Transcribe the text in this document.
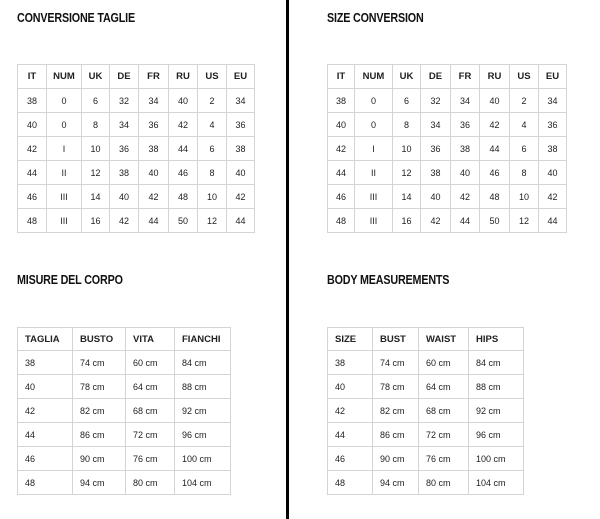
CONVERSIONE TAGLIE
IT	NUM	UK	DE	FR	RU	US	EU
38	0	6	32	34	40	2	34
40	0	8	34	36	42	4	36
42	I	10	36	38	44	6	38
44	II	12	38	40	46	8	40
46	III	14	40	42	48	10	42
48	III	16	42	44	50	12	44
SIZE CONVERSION
IT	NUM	UK	DE	FR	RU	US	EU
38	0	6	32	34	40	2	34
40	0	8	34	36	42	4	36
42	I	10	36	38	44	6	38
44	II	12	38	40	46	8	40
46	III	14	40	42	48	10	42
48	III	16	42	44	50	12	44
MISURE DEL CORPO
TAGLIA	BUSTO	VITA	FIANCHI
38	74 cm	60 cm	84 cm
40	78 cm	64 cm	88 cm
42	82 cm	68 cm	92 cm
44	86 cm	72 cm	96 cm
46	90 cm	76 cm	100 cm
48	94 cm	80 cm	104 cm
BODY MEASUREMENTS
SIZE	BUST	WAIST	HIPS
38	74 cm	60 cm	84 cm
40	78 cm	64 cm	88 cm
42	82 cm	68 cm	92 cm
44	86 cm	72 cm	96 cm
46	90 cm	76 cm	100 cm
48	94 cm	80 cm	104 cm
